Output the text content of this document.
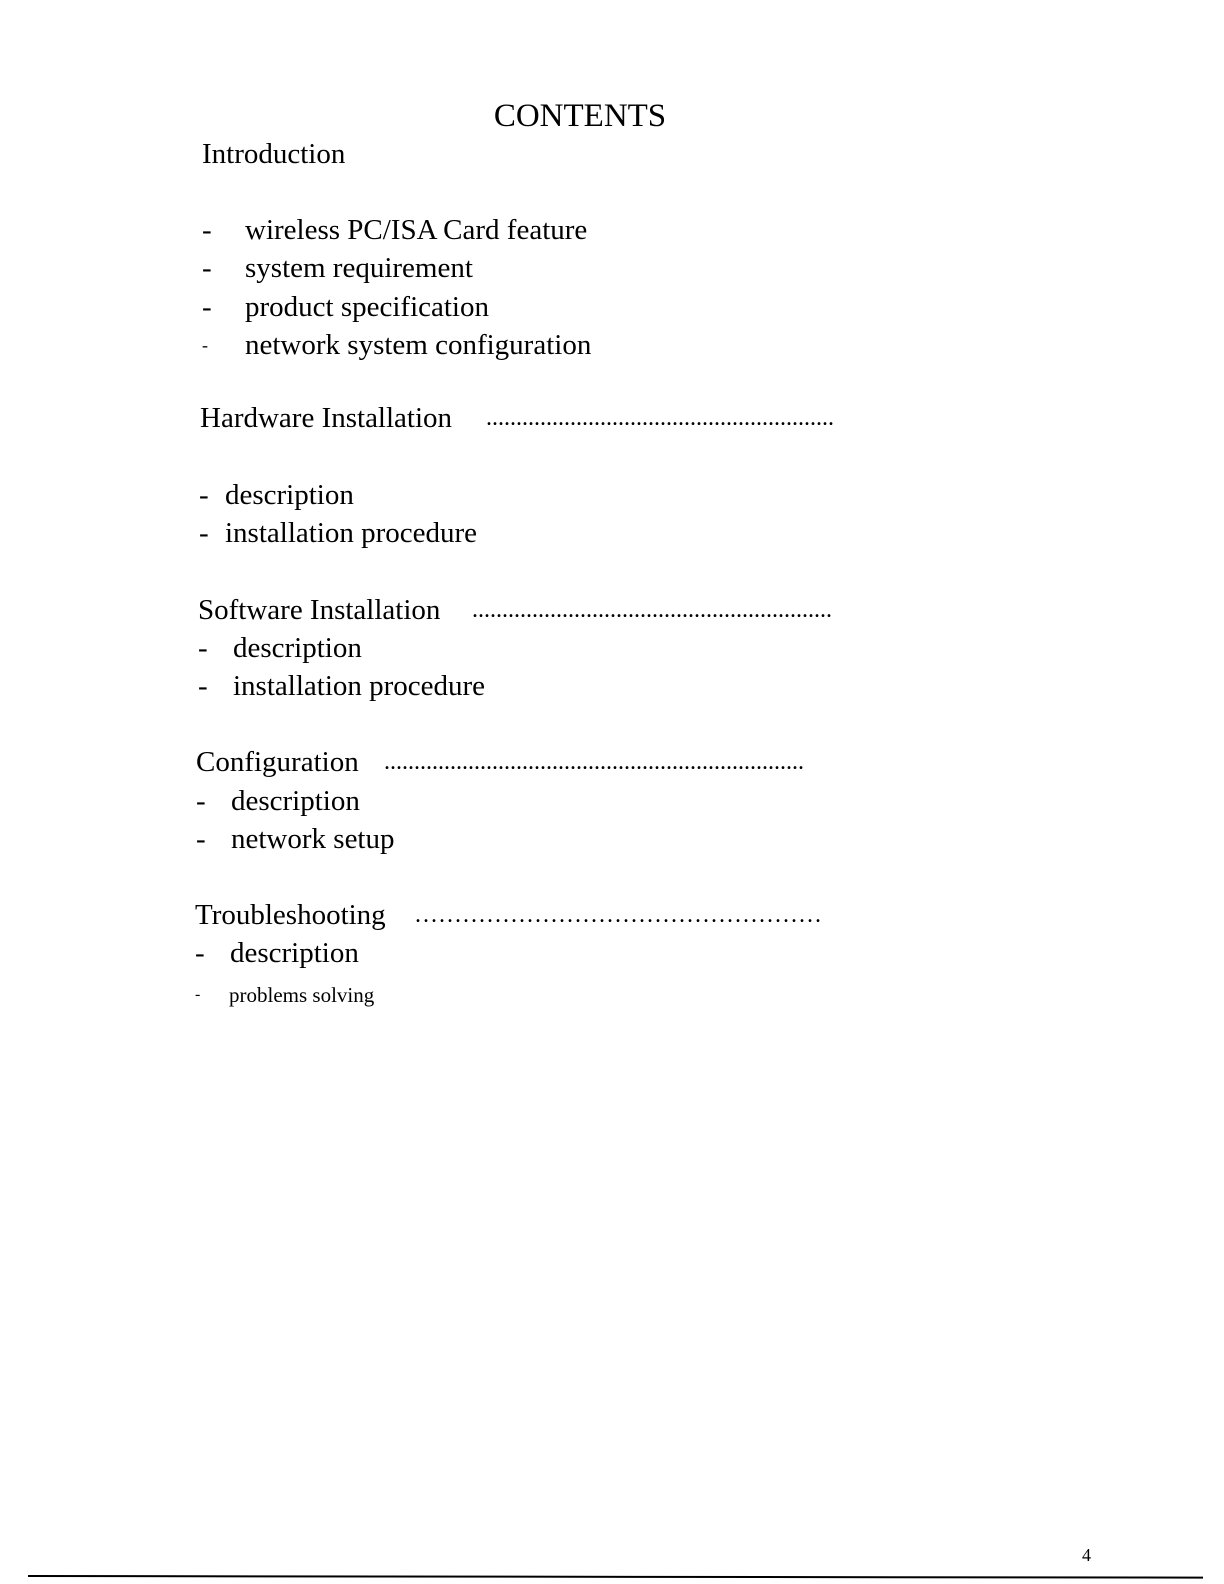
CONTENTS
Introduction
- wireless PC/ISA Card feature
- system requirement
- product specification
- network system configuration
Hardware Installation ..........................................................
- description
- installation procedure
Software Installation ............................................................
- description
- installation procedure
Configuration ......................................................................
- description
- network setup
Troubleshooting ...................................................
- description
- problems solving
4
